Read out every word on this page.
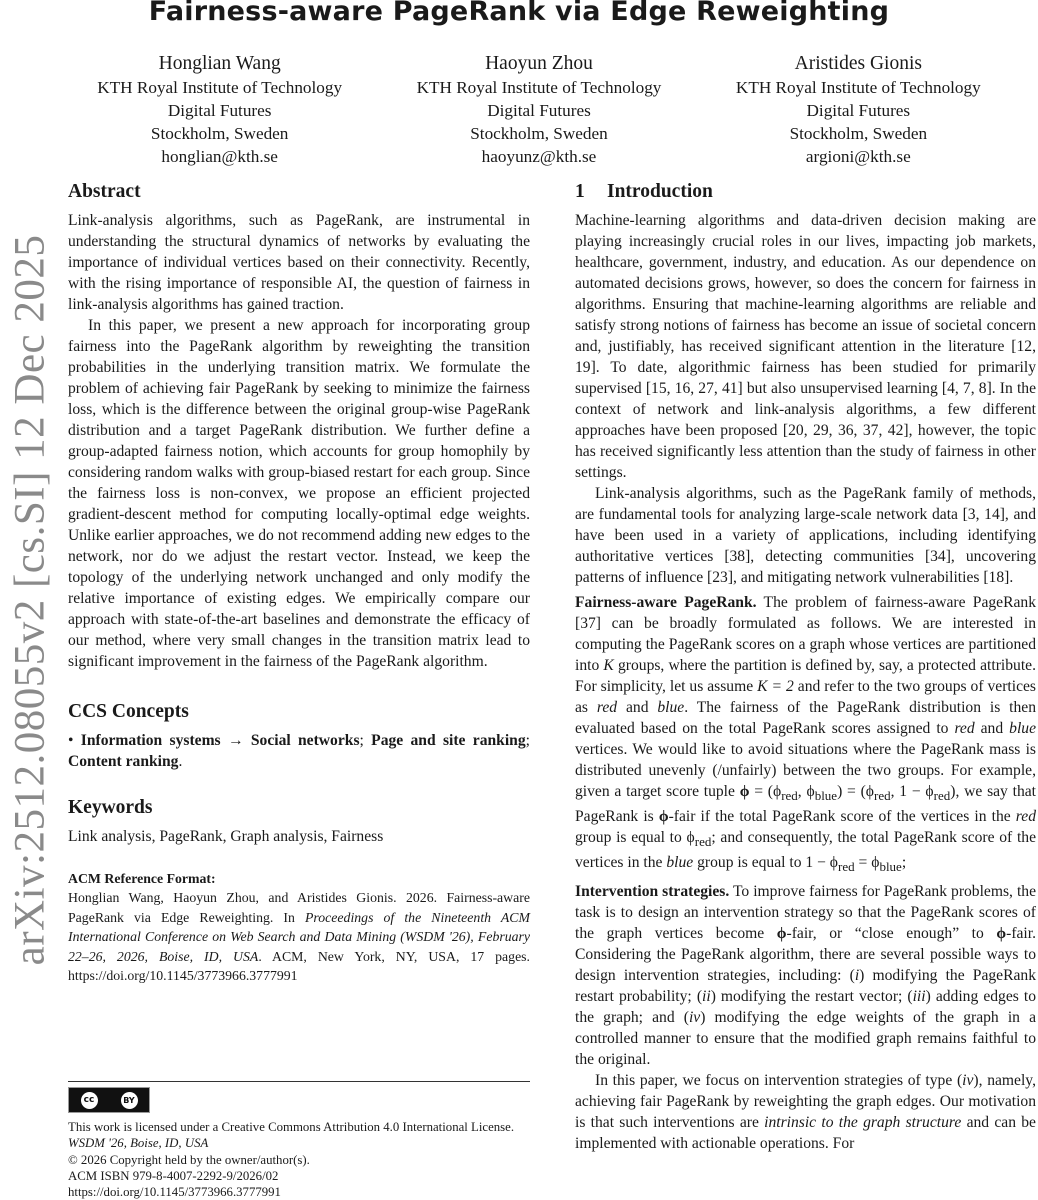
Fairness-aware PageRank via Edge Reweighting
Honglian Wang
KTH Royal Institute of Technology
Digital Futures
Stockholm, Sweden
honglian@kth.se
Haoyun Zhou
KTH Royal Institute of Technology
Digital Futures
Stockholm, Sweden
haoyunz@kth.se
Aristides Gionis
KTH Royal Institute of Technology
Digital Futures
Stockholm, Sweden
argioni@kth.se
arXiv:2512.08055v2 [cs.SI] 12 Dec 2025
Abstract

Link-analysis algorithms, such as PageRank, are instrumental in understanding the structural dynamics of networks by evaluating the importance of individual vertices based on their connectivity. Recently, with the rising importance of responsible AI, the question of fairness in link-analysis algorithms has gained traction.

In this paper, we present a new approach for incorporating group fairness into the PageRank algorithm by reweighting the transition probabilities in the underlying transition matrix. We formulate the problem of achieving fair PageRank by seeking to minimize the fairness loss, which is the difference between the original group-wise PageRank distribution and a target PageRank distribution. We further define a group-adapted fairness notion, which accounts for group homophily by considering random walks with group-biased restart for each group. Since the fairness loss is non-convex, we propose an efficient projected gradient-descent method for computing locally-optimal edge weights. Unlike earlier approaches, we do not recommend adding new edges to the network, nor do we adjust the restart vector. Instead, we keep the topology of the underlying network unchanged and only modify the relative importance of existing edges. We empirically compare our approach with state-of-the-art baselines and demonstrate the efficacy of our method, where very small changes in the transition matrix lead to significant improvement in the fairness of the PageRank algorithm.

CCS Concepts

• Information systems → Social networks; Page and site ranking; Content ranking.

Keywords

Link analysis, PageRank, Graph analysis, Fairness

ACM Reference Format:

Honglian Wang, Haoyun Zhou, and Aristides Gionis. 2026. Fairness-aware PageRank via Edge Reweighting. In Proceedings of the Nineteenth ACM International Conference on Web Search and Data Mining (WSDM '26), February 22–26, 2026, Boise, ID, USA. ACM, New York, NY, USA, 17 pages. https://doi.org/10.1145/3773966.3777991

cc	BY
This work is licensed under a Creative Commons Attribution 4.0 International License.
WSDM '26, Boise, ID, USA
© 2026 Copyright held by the owner/author(s).
ACM ISBN 979-8-4007-2292-9/2026/02
https://doi.org/10.1145/3773966.3777991
1 Introduction

Machine-learning algorithms and data-driven decision making are playing increasingly crucial roles in our lives, impacting job markets, healthcare, government, industry, and education. As our dependence on automated decisions grows, however, so does the concern for fairness in algorithms. Ensuring that machine-learning algorithms are reliable and satisfy strong notions of fairness has become an issue of societal concern and, justifiably, has received significant attention in the literature [12, 19]. To date, algorithmic fairness has been studied for primarily supervised [15, 16, 27, 41] but also unsupervised learning [4, 7, 8]. In the context of network and link-analysis algorithms, a few different approaches have been proposed [20, 29, 36, 37, 42], however, the topic has received significantly less attention than the study of fairness in other settings.

Link-analysis algorithms, such as the PageRank family of methods, are fundamental tools for analyzing large-scale network data [3, 14], and have been used in a variety of applications, including identifying authoritative vertices [38], detecting communities [34], uncovering patterns of influence [23], and mitigating network vulnerabilities [18].

Fairness-aware PageRank. The problem of fairness-aware PageRank [37] can be broadly formulated as follows. We are interested in computing the PageRank scores on a graph whose vertices are partitioned into K groups, where the partition is defined by, say, a protected attribute. For simplicity, let us assume K = 2 and refer to the two groups of vertices as red and blue. The fairness of the PageRank distribution is then evaluated based on the total PageRank scores assigned to red and blue vertices. We would like to avoid situations where the PageRank mass is distributed unevenly (/unfairly) between the two groups. For example, given a target score tuple $\phi = (\phi_{red}$, $\phi_{blue}) = (\phi_{red}$, $1 - \phi_{red}$), we say that PageRank is ϕ-fair if the total PageRank score of the vertices in the red group is equal to $\phi_{red}$; and consequently, the total PageRank score of the vertices in the blue group is equal to $1 - \phi_{red} = \phi_{blue}$;

Intervention strategies. To improve fairness for PageRank problems, the task is to design an intervention strategy so that the PageRank scores of the graph vertices become ϕ-fair, or “close enough” to ϕ-fair. Considering the PageRank algorithm, there are several possible ways to design intervention strategies, including: (i) modifying the PageRank restart probability; (ii) modifying the restart vector; (iii) adding edges to the graph; and (iv) modifying the edge weights of the graph in a controlled manner to ensure that the modified graph remains faithful to the original.

In this paper, we focus on intervention strategies of type (iv), namely, achieving fair PageRank by reweighting the graph edges. Our motivation is that such interventions are intrinsic to the graph structure and can be implemented with actionable operations. For
